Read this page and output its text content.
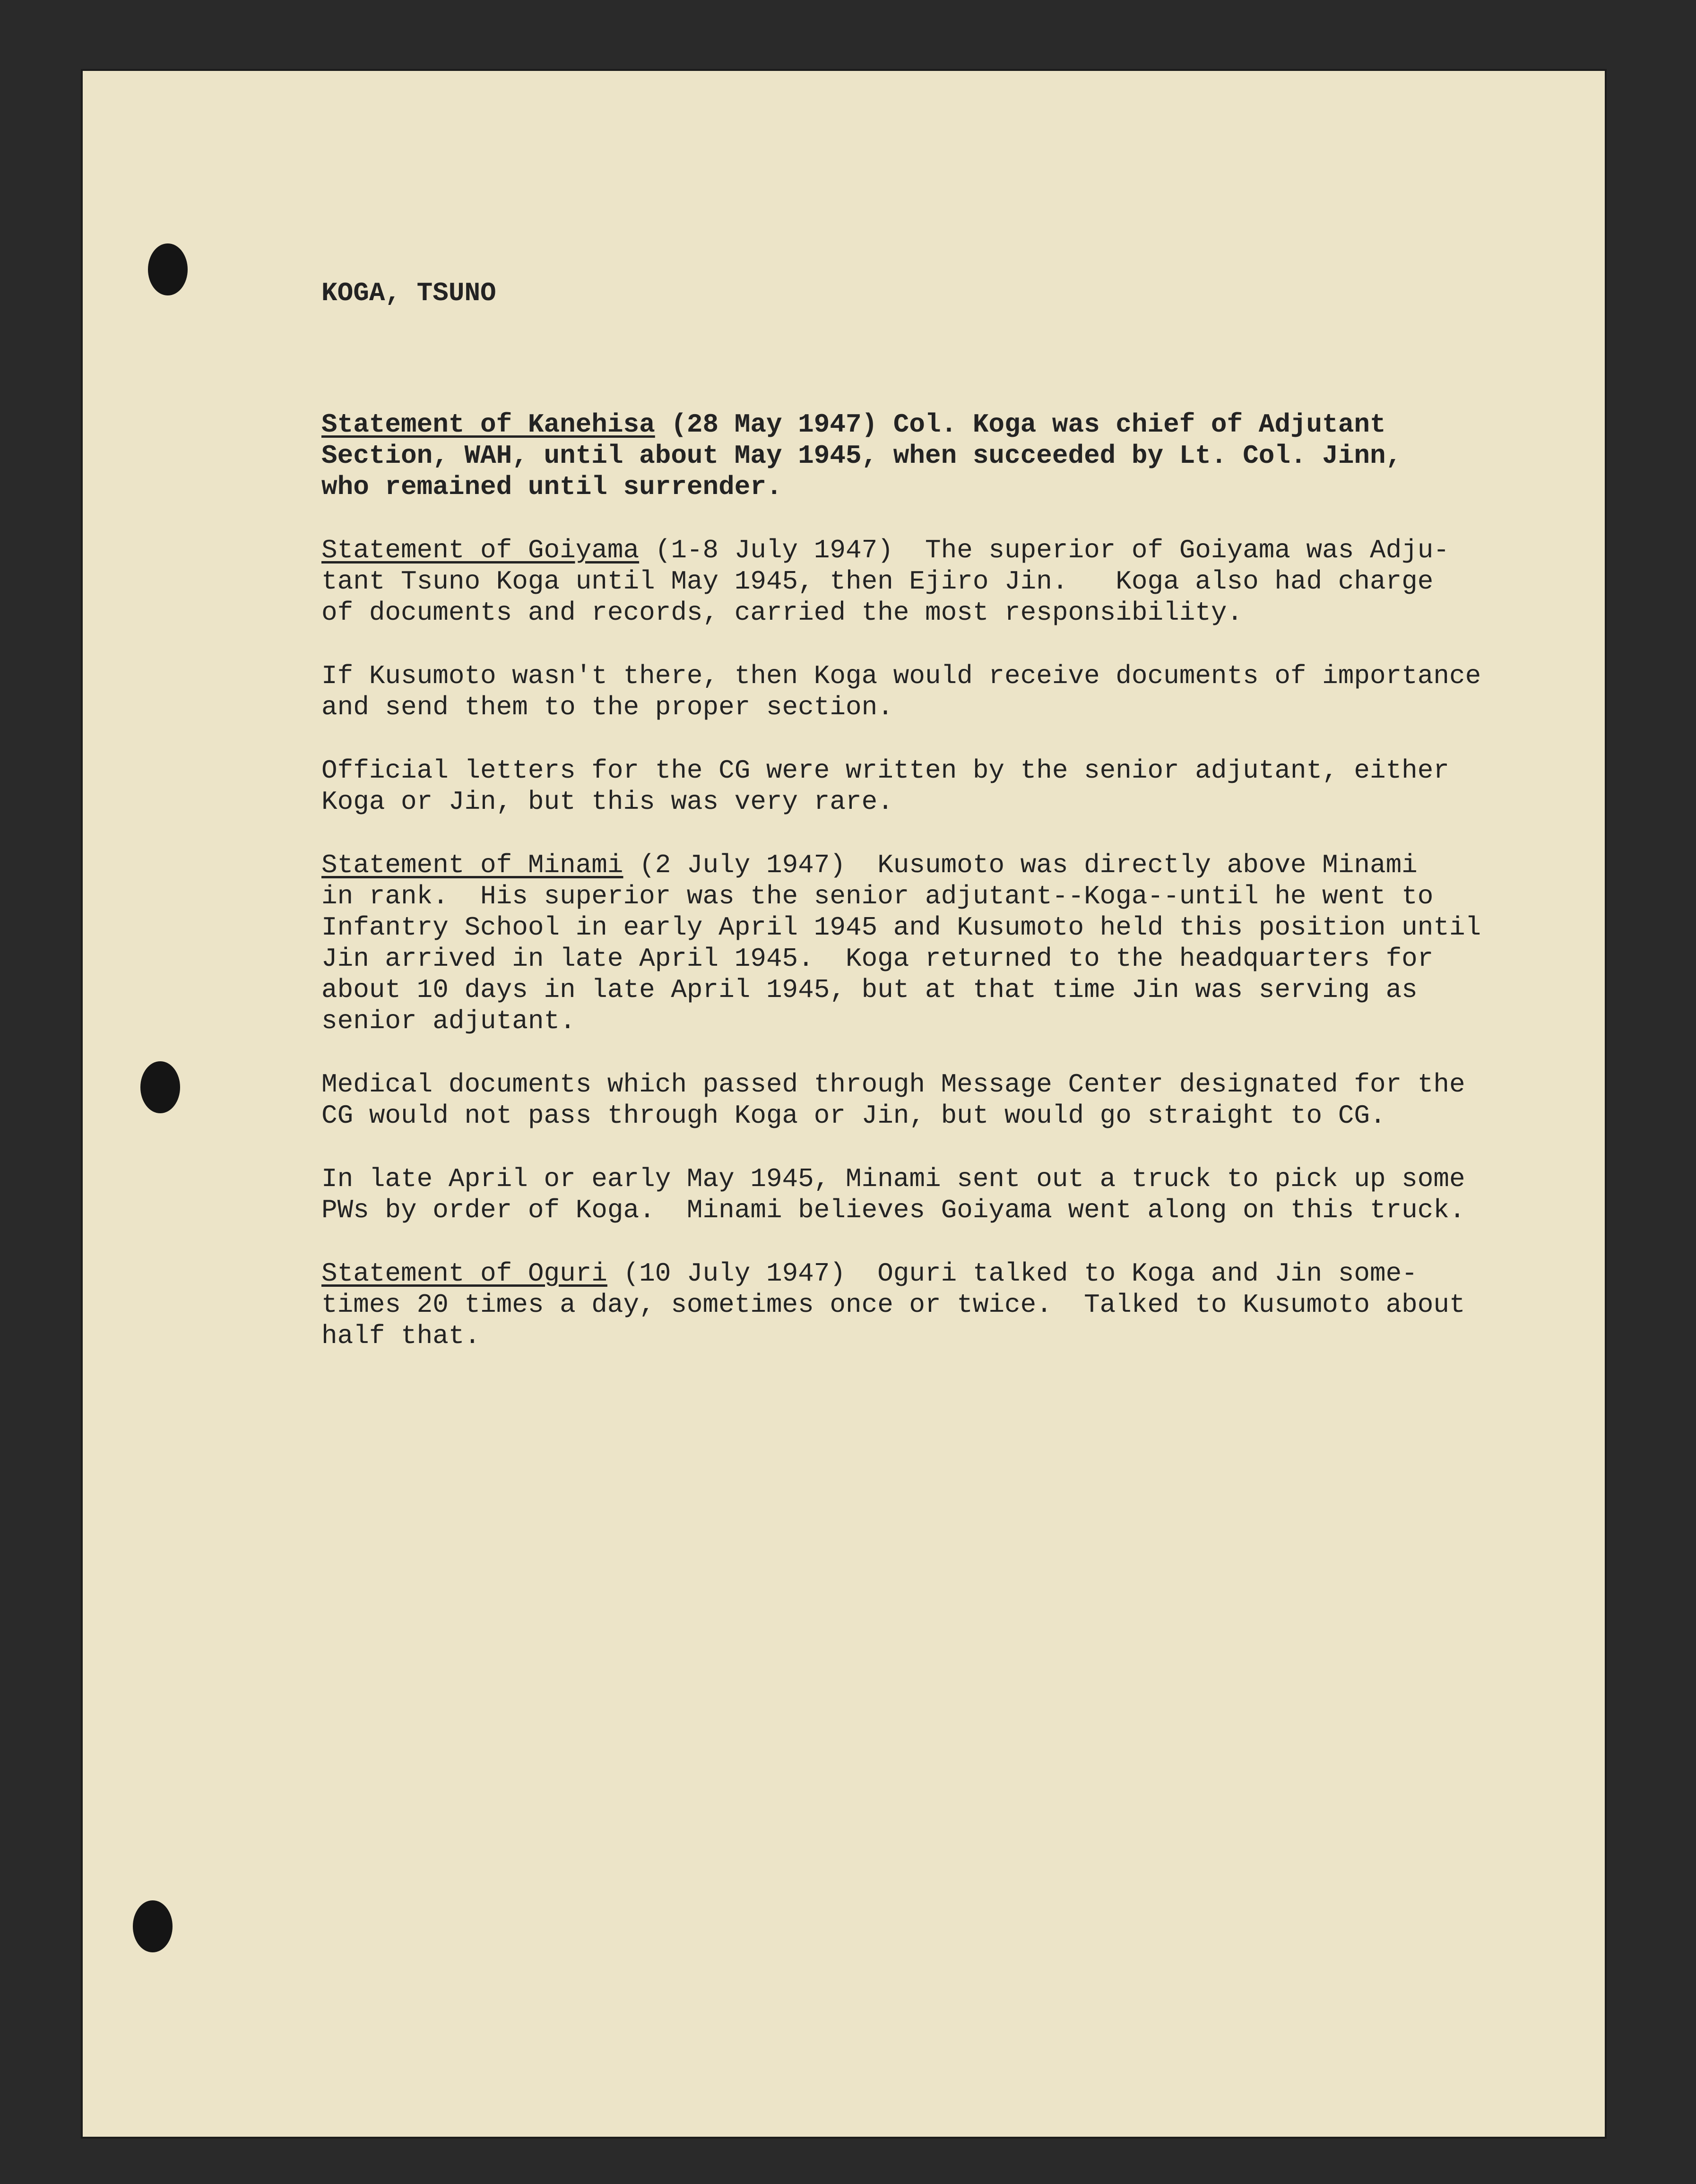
KOGA, TSUNO

Statement of Kanehisa (28 May 1947) Col. Koga was chief of Adjutant
Section, WAH, until about May 1945, when succeeded by Lt. Col. Jinn,
who remained until surrender.
Statement of Goiyama (1-8 July 1947)  The superior of Goiyama was Adju-
tant Tsuno Koga until May 1945, then Ejiro Jin.   Koga also had charge
of documents and records, carried the most responsibility.
If Kusumoto wasn't there, then Koga would receive documents of importance
and send them to the proper section.
Official letters for the CG were written by the senior adjutant, either
Koga or Jin, but this was very rare.
Statement of Minami (2 July 1947)  Kusumoto was directly above Minami
in rank.  His superior was the senior adjutant--Koga--until he went to
Infantry School in early April 1945 and Kusumoto held this position until
Jin arrived in late April 1945.  Koga returned to the headquarters for
about 10 days in late April 1945, but at that time Jin was serving as
senior adjutant.
Medical documents which passed through Message Center designated for the
CG would not pass through Koga or Jin, but would go straight to CG.
In late April or early May 1945, Minami sent out a truck to pick up some
PWs by order of Koga.  Minami believes Goiyama went along on this truck.
Statement of Oguri (10 July 1947)  Oguri talked to Koga and Jin some-
times 20 times a day, sometimes once or twice.  Talked to Kusumoto about
half that.
